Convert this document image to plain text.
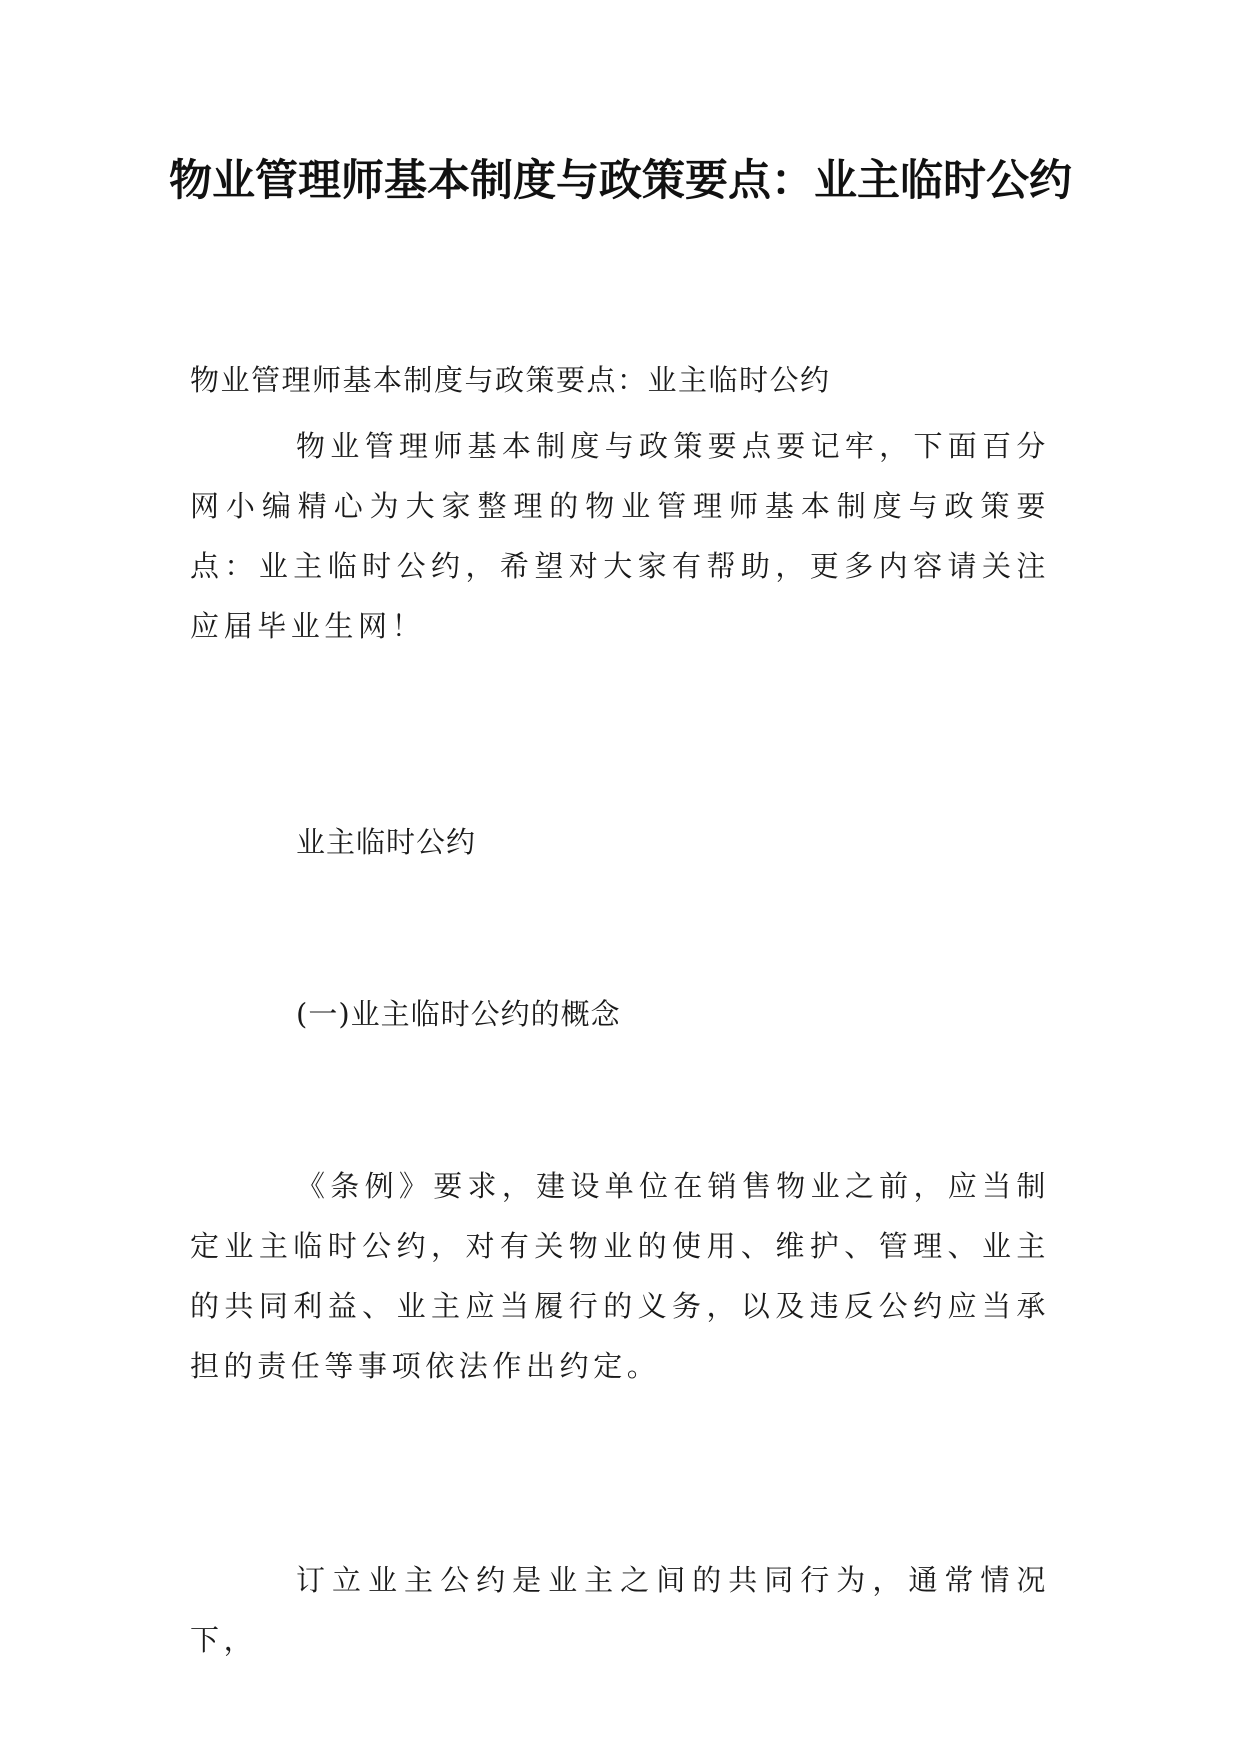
物业管理师基本制度与政策要点：业主临时公约

物业管理师基本制度与政策要点：业主临时公约

物业管理师基本制度与政策要点要记牢，下面百分网小编精心为大家整理的物业管理师基本制度与政策要点：业主临时公约，希望对大家有帮助，更多内容请关注应届毕业生网！

业主临时公约

(一)业主临时公约的概念

《条例》要求，建设单位在销售物业之前，应当制定业主临时公约，对有关物业的使用、维护、管理、业主的共同利益、业主应当履行的义务，以及违反公约应当承担的责任等事项依法作出约定。

订立业主公约是业主之间的共同行为，通常情况下，
